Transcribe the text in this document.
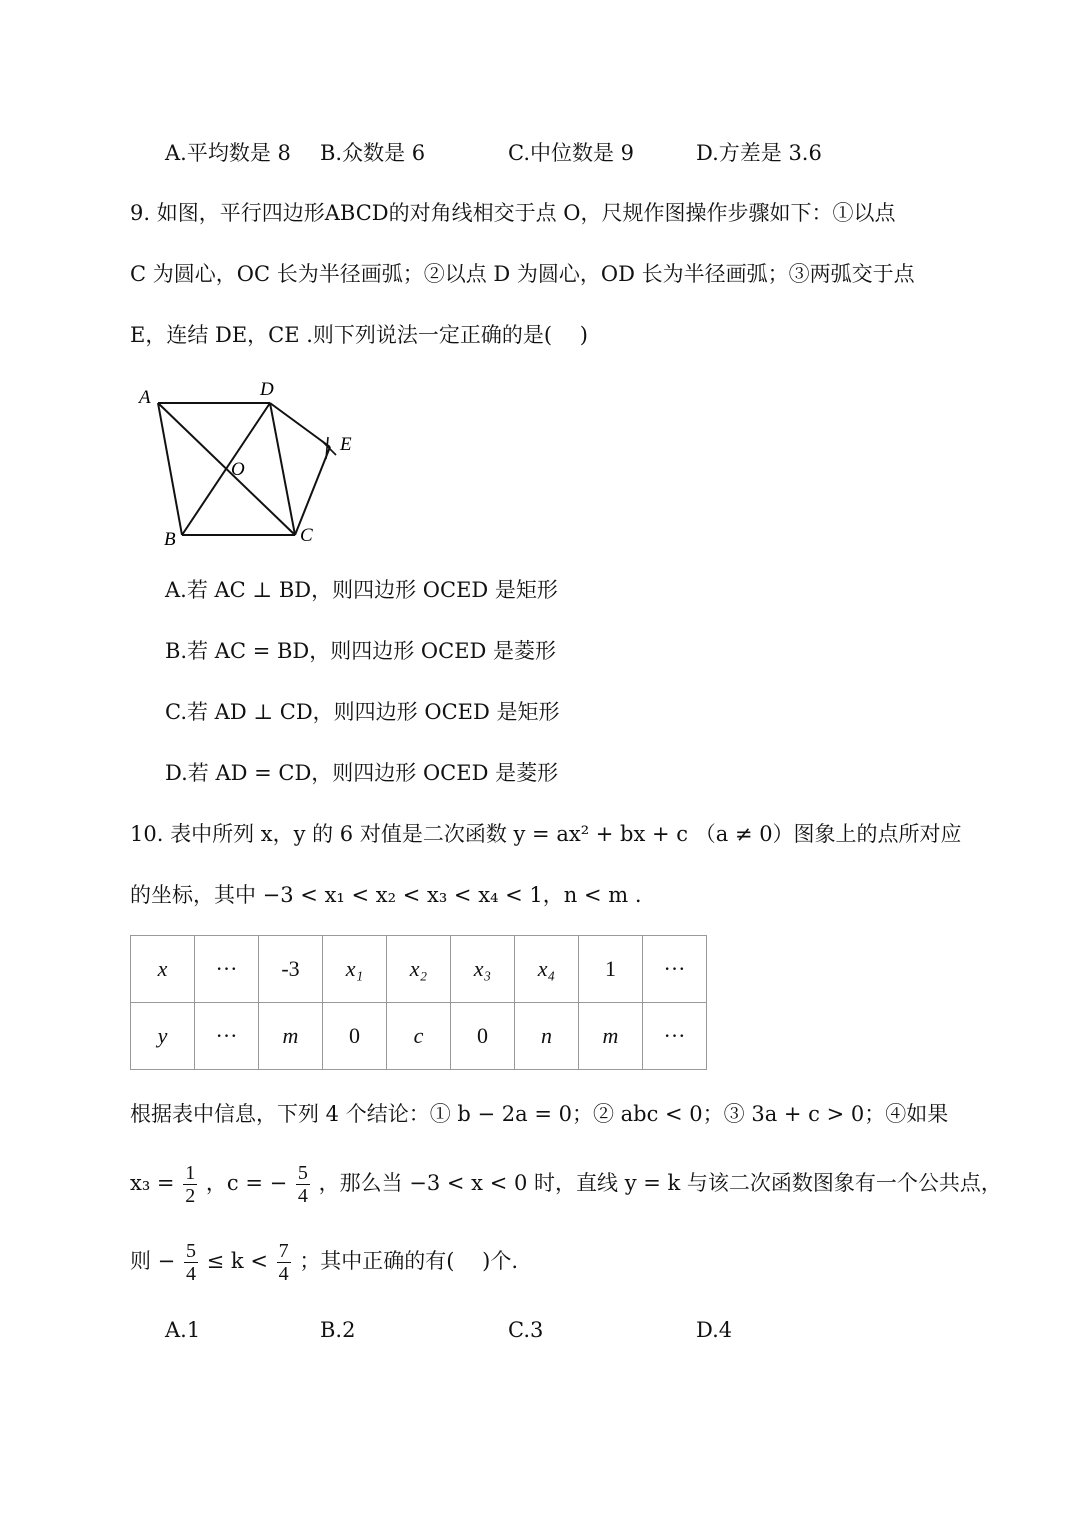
A.平均数是 8 B.众数是 6	C.中位数是 9	D.方差是 3.6
9. 如图，平行四边形ABCD的对角线相交于点 O，尺规作图操作步骤如下：①以点
C 为圆心，OC 长为半径画弧；②以点 D 为圆心，OD 长为半径画弧；③两弧交于点
E，连结 DE，CE .则下列说法一定正确的是(　 )
A	D
E
O
B	C
A.若 AC ⊥ BD，则四边形 OCED 是矩形
B.若 AC = BD，则四边形 OCED 是菱形
C.若 AD ⊥ CD，则四边形 OCED 是矩形
D.若 AD = CD，则四边形 OCED 是菱形
10. 表中所列 x，y 的 6 对值是二次函数 y = ax² + bx + c （a ≠ 0）图象上的点所对应
的坐标，其中 −3 < x₁ < x₂ < x₃ < x₄ < 1，n < m .
x	···	-3	x₁	x₂	x₃	x₄	1	···
y	···	m	0	c	0	n	m	···
根据表中信息，下列 4 个结论：① b − 2a = 0；② abc < 0；③ 3a + c > 0；④如果
$x_3 = \frac{1}{2}$ ，c = − $\frac{5}{4}$ ，那么当 −3 < x < 0 时，直线 y = k 与该二次函数图象有一个公共点，
则 − $\frac{5}{4} \le k < \frac{7}{4}$ ；其中正确的有(　 )个.
A.1	B.2	C.3	D.4
